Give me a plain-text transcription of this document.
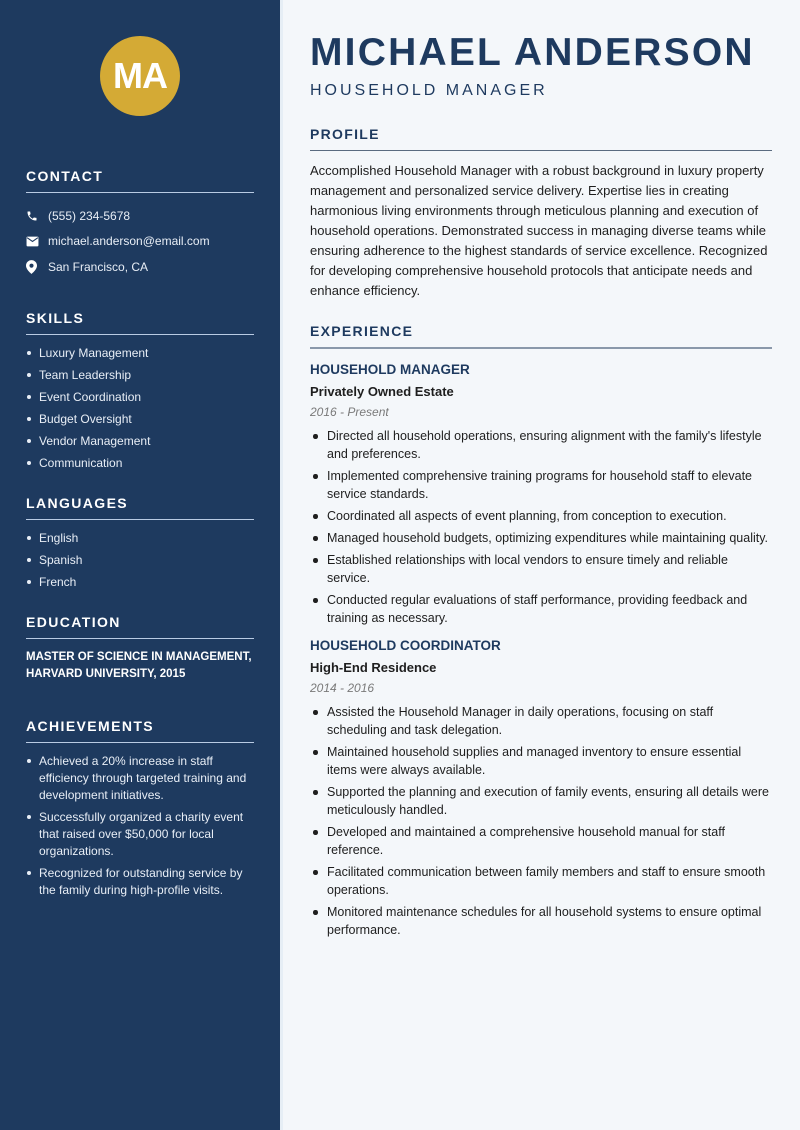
MA
CONTACT
(555) 234-5678
michael.anderson@email.com
San Francisco, CA
SKILLS
Luxury Management
Team Leadership
Event Coordination
Budget Oversight
Vendor Management
Communication
LANGUAGES
English
Spanish
French
EDUCATION

MASTER OF SCIENCE IN MANAGEMENT, HARVARD UNIVERSITY, 2015

ACHIEVEMENTS
Achieved a 20% increase in staff efficiency through targeted training and development initiatives.
Successfully organized a charity event that raised over $50,000 for local organizations.
Recognized for outstanding service by the family during high-profile visits.
MICHAEL ANDERSON
HOUSEHOLD MANAGER
PROFILE

Accomplished Household Manager with a robust background in luxury property management and personalized service delivery. Expertise lies in creating harmonious living environments through meticulous planning and execution of household operations. Demonstrated success in managing diverse teams while ensuring adherence to the highest standards of service excellence. Recognized for developing comprehensive household protocols that anticipate needs and enhance efficiency.

EXPERIENCE
HOUSEHOLD MANAGER
Privately Owned Estate
2016 - Present
Directed all household operations, ensuring alignment with the family's lifestyle and preferences.
Implemented comprehensive training programs for household staff to elevate service standards.
Coordinated all aspects of event planning, from conception to execution.
Managed household budgets, optimizing expenditures while maintaining quality.
Established relationships with local vendors to ensure timely and reliable service.
Conducted regular evaluations of staff performance, providing feedback and training as necessary.
HOUSEHOLD COORDINATOR
High-End Residence
2014 - 2016
Assisted the Household Manager in daily operations, focusing on staff scheduling and task delegation.
Maintained household supplies and managed inventory to ensure essential items were always available.
Supported the planning and execution of family events, ensuring all details were meticulously handled.
Developed and maintained a comprehensive household manual for staff reference.
Facilitated communication between family members and staff to ensure smooth operations.
Monitored maintenance schedules for all household systems to ensure optimal performance.
